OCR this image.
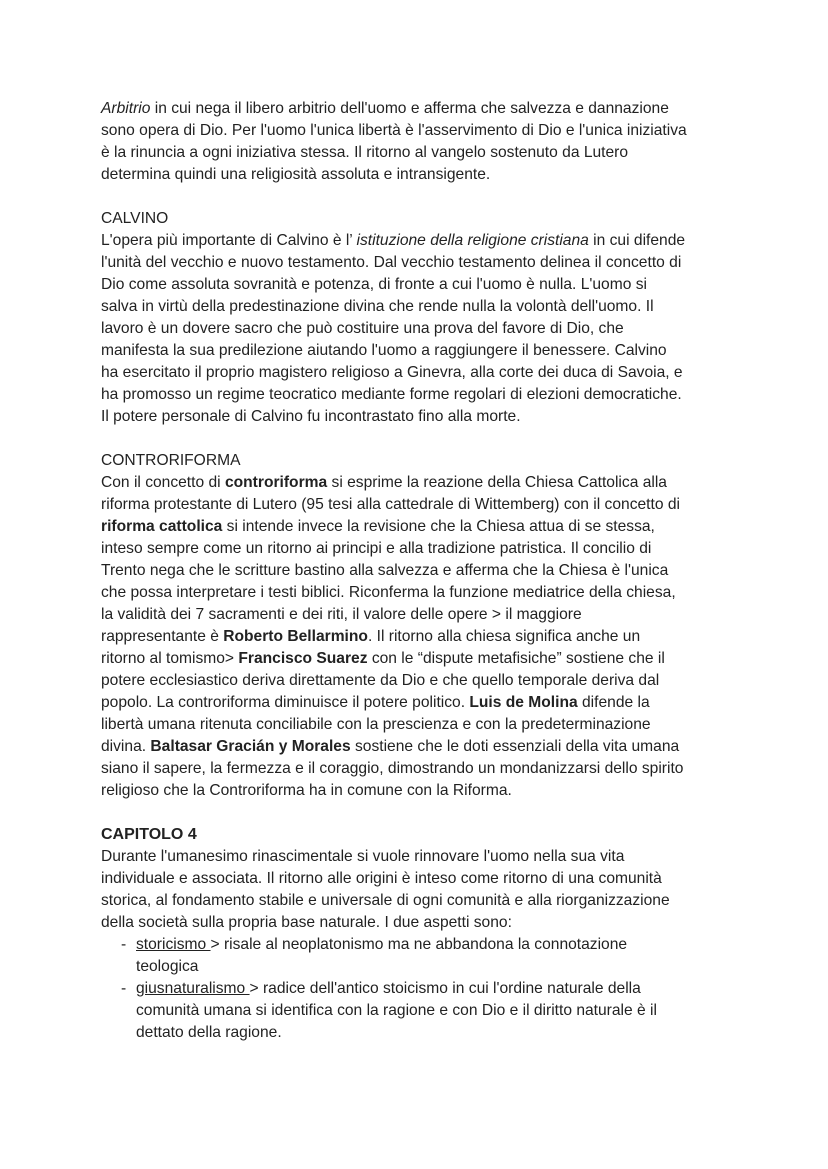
Arbitrio in cui nega il libero arbitrio dell'uomo e afferma che salvezza e dannazione
sono opera di Dio. Per l'uomo l'unica libertà è l'asservimento di Dio e l'unica iniziativa
è la rinuncia a ogni iniziativa stessa. Il ritorno al vangelo sostenuto da Lutero
determina quindi una religiosità assoluta e intransigente.
CALVINO
L'opera più importante di Calvino è l’ istituzione della religione cristiana in cui difende
l'unità del vecchio e nuovo testamento. Dal vecchio testamento delinea il concetto di
Dio come assoluta sovranità e potenza, di fronte a cui l'uomo è nulla. L'uomo si
salva in virtù della predestinazione divina che rende nulla la volontà dell'uomo. Il
lavoro è un dovere sacro che può costituire una prova del favore di Dio, che
manifesta la sua predilezione aiutando l'uomo a raggiungere il benessere. Calvino
ha esercitato il proprio magistero religioso a Ginevra, alla corte dei duca di Savoia, e
ha promosso un regime teocratico mediante forme regolari di elezioni democratiche.
Il potere personale di Calvino fu incontrastato fino alla morte.
CONTRORIFORMA
Con il concetto di controriforma si esprime la reazione della Chiesa Cattolica alla
riforma protestante di Lutero (95 tesi alla cattedrale di Wittemberg) con il concetto di
riforma cattolica si intende invece la revisione che la Chiesa attua di se stessa,
inteso sempre come un ritorno ai principi e alla tradizione patristica. Il concilio di
Trento nega che le scritture bastino alla salvezza e afferma che la Chiesa è l'unica
che possa interpretare i testi biblici. Riconferma la funzione mediatrice della chiesa,
la validità dei 7 sacramenti e dei riti, il valore delle opere > il maggiore
rappresentante è Roberto Bellarmino. Il ritorno alla chiesa significa anche un
ritorno al tomismo> Francisco Suarez con le “dispute metafisiche” sostiene che il
potere ecclesiastico deriva direttamente da Dio e che quello temporale deriva dal
popolo. La controriforma diminuisce il potere politico. Luis de Molina difende la
libertà umana ritenuta conciliabile con la prescienza e con la predeterminazione
divina. Baltasar Gracián y Morales sostiene che le doti essenziali della vita umana
siano il sapere, la fermezza e il coraggio, dimostrando un mondanizzarsi dello spirito
religioso che la Controriforma ha in comune con la Riforma.
CAPITOLO 4
Durante l'umanesimo rinascimentale si vuole rinnovare l'uomo nella sua vita
individuale e associata. Il ritorno alle origini è inteso come ritorno di una comunità
storica, al fondamento stabile e universale di ogni comunità e alla riorganizzazione
della società sulla propria base naturale. I due aspetti sono:
- storicismo > risale al neoplatonismo ma ne abbandona la connotazione
teologica
- giusnaturalismo > radice dell'antico stoicismo in cui l'ordine naturale della
comunità umana si identifica con la ragione e con Dio e il diritto naturale è il
dettato della ragione.
